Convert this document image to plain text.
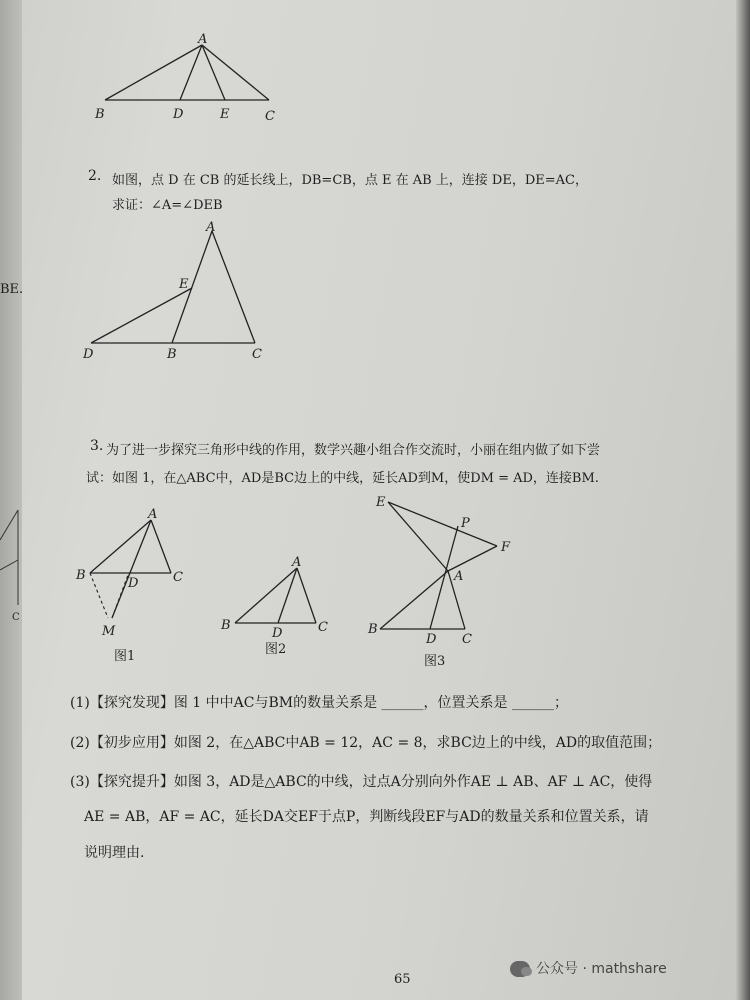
BE.
A
B	D	E	C
2. 如图，点 D 在 CB 的延长线上，DB=CB，点 E 在 AB 上，连接 DE，DE=AC，
求证：∠A=∠DEB
A
E
D	B	C
3. 为了进一步探究三角形中线的作用，数学兴趣小组合作交流时，小丽在组内做了如下尝
试：如图 1，在△ABC中，AD是BC边上的中线，延长AD到M，使DM = AD，连接BM.
C
A
B
D	C
M
图1
A
B
D	C
图2
E
P
F
A
B
D C
图3
(1)【探究发现】图 1 中中AC与BM的数量关系是 ______，位置关系是 ______；
(2)【初步应用】如图 2，在△ABC中AB = 12，AC = 8，求BC边上的中线，AD的取值范围；
(3)【探究提升】如图 3，AD是△ABC的中线，过点A分别向外作AE ⊥ AB、AF ⊥ AC，使得
AE = AB，AF = AC，延长DA交EF于点P，判断线段EF与AD的数量关系和位置关系，请
说明理由.
65
公众号 · mathshare
